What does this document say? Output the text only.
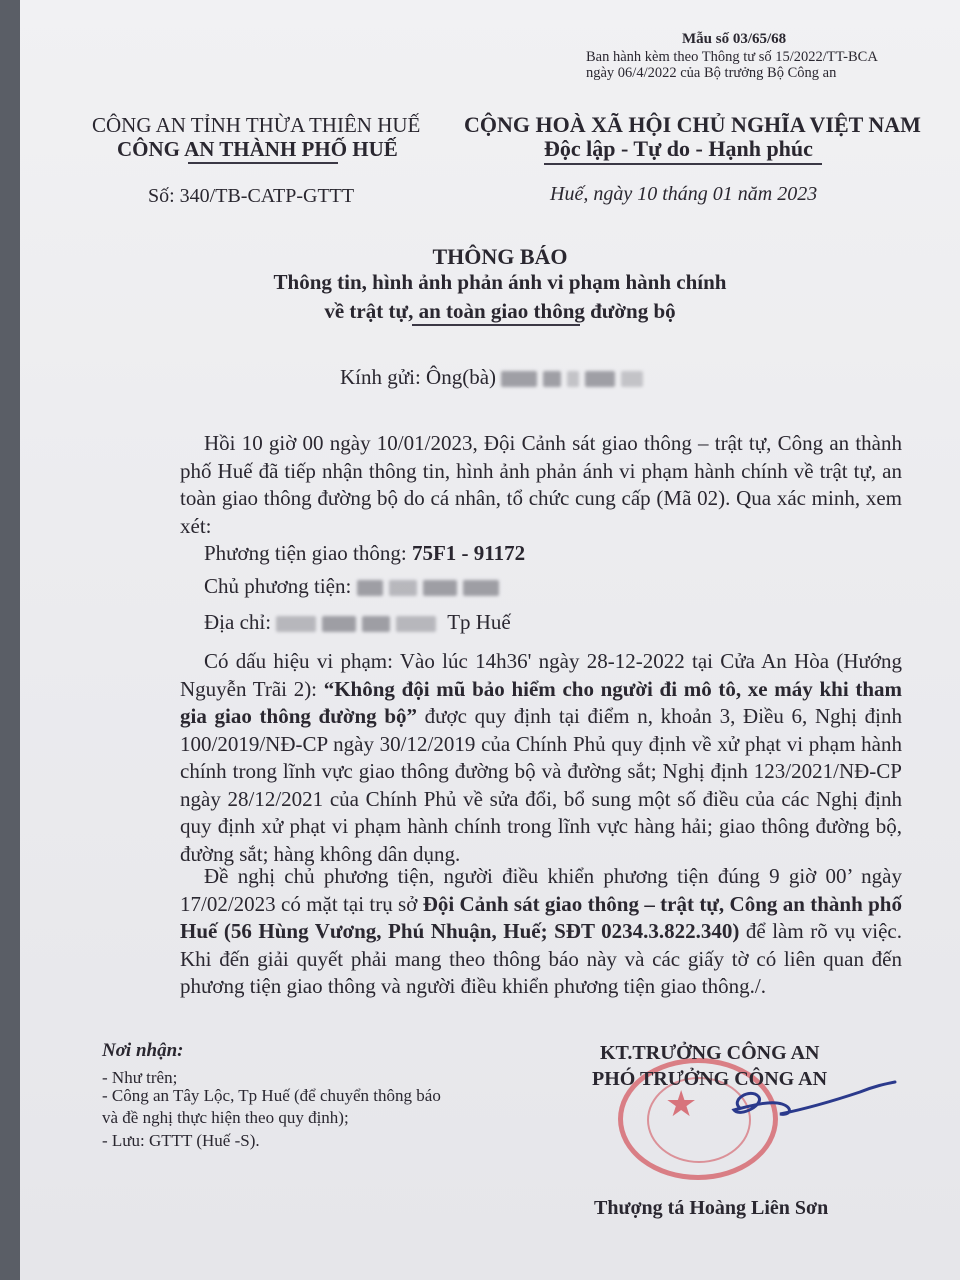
Mẫu số 03/65/68
Ban hành kèm theo Thông tư số 15/2022/TT-BCA
ngày 06/4/2022 của Bộ trưởng Bộ Công an
CÔNG AN TỈNH THỪA THIÊN HUẾ
CÔNG AN THÀNH PHỐ HUẾ
Số: 340/TB-CATP-GTTT
CỘNG HOÀ XÃ HỘI CHỦ NGHĨA VIỆT NAM
Độc lập - Tự do - Hạnh phúc
Huế, ngày 10 tháng 01 năm 2023
THÔNG BÁO
Thông tin, hình ảnh phản ánh vi phạm hành chính
về trật tự, an toàn giao thông đường bộ
Kính gửi: Ông(bà)
Hồi 10 giờ 00 ngày 10/01/2023, Đội Cảnh sát giao thông – trật tự, Công an thành phố Huế đã tiếp nhận thông tin, hình ảnh phản ánh vi phạm hành chính về trật tự, an toàn giao thông đường bộ do cá nhân, tổ chức cung cấp (Mã 02). Qua xác minh, xem xét:
Phương tiện giao thông: 75F1 - 91172
Chủ phương tiện:
Địa chỉ:	Tp Huế
Có dấu hiệu vi phạm: Vào lúc 14h36' ngày 28-12-2022 tại Cửa An Hòa (Hướng Nguyễn Trãi 2): “Không đội mũ bảo hiểm cho người đi mô tô, xe máy khi tham gia giao thông đường bộ” được quy định tại điểm n, khoản 3, Điều 6, Nghị định 100/2019/NĐ-CP ngày 30/12/2019 của Chính Phủ quy định về xử phạt vi phạm hành chính trong lĩnh vực giao thông đường bộ và đường sắt; Nghị định 123/2021/NĐ-CP ngày 28/12/2021 của Chính Phủ về sửa đổi, bổ sung một số điều của các Nghị định quy định xử phạt vi phạm hành chính trong lĩnh vực hàng hải; giao thông đường bộ, đường sắt; hàng không dân dụng.
Đề nghị chủ phương tiện, người điều khiển phương tiện đúng 9 giờ 00’ ngày 17/02/2023 có mặt tại trụ sở Đội Cảnh sát giao thông – trật tự, Công an thành phố Huế (56 Hùng Vương, Phú Nhuận, Huế; SĐT 0234.3.822.340) để làm rõ vụ việc. Khi đến giải quyết phải mang theo thông báo này và các giấy tờ có liên quan đến phương tiện giao thông và người điều khiển phương tiện giao thông./.
Nơi nhận:
- Như trên;
- Công an Tây Lộc, Tp Huế (để chuyển thông báo
và đề nghị thực hiện theo quy định);
- Lưu: GTTT (Huế -S).
★
KT.TRƯỞNG CÔNG AN
PHÓ TRƯỞNG CÔNG AN
Thượng tá Hoàng Liên Sơn
